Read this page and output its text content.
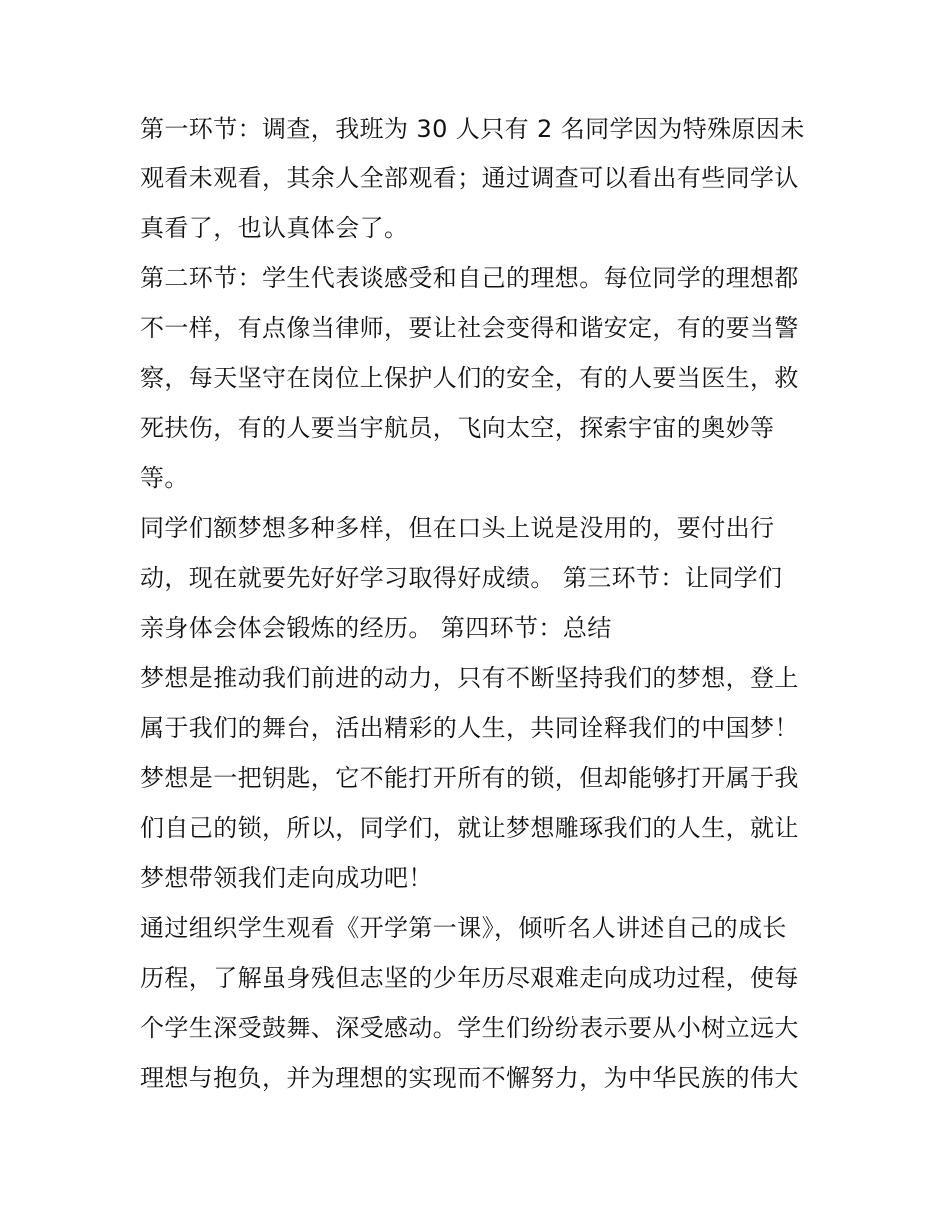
第一环节：调查，我班为 30 人只有 2 名同学因为特殊原因未
观看未观看，其余人全部观看；通过调查可以看出有些同学认
真看了，也认真体会了。
第二环节：学生代表谈感受和自己的理想。每位同学的理想都
不一样，有点像当律师，要让社会变得和谐安定，有的要当警
察，每天坚守在岗位上保护人们的安全，有的人要当医生，救
死扶伤，有的人要当宇航员，飞向太空，探索宇宙的奥妙等
等。
同学们额梦想多种多样，但在口头上说是没用的，要付出行
动，现在就要先好好学习取得好成绩。 第三环节：让同学们
亲身体会体会锻炼的经历。 第四环节：总结
梦想是推动我们前进的动力，只有不断坚持我们的梦想，登上
属于我们的舞台，活出精彩的人生，共同诠释我们的中国梦！
梦想是一把钥匙，它不能打开所有的锁，但却能够打开属于我
们自己的锁，所以，同学们，就让梦想雕琢我们的人生，就让
梦想带领我们走向成功吧！
通过组织学生观看《开学第一课》，倾听名人讲述自己的成长
历程，了解虽身残但志坚的少年历尽艰难走向成功过程，使每
个学生深受鼓舞、深受感动。学生们纷纷表示要从小树立远大
理想与抱负，并为理想的实现而不懈努力，为中华民族的伟大
